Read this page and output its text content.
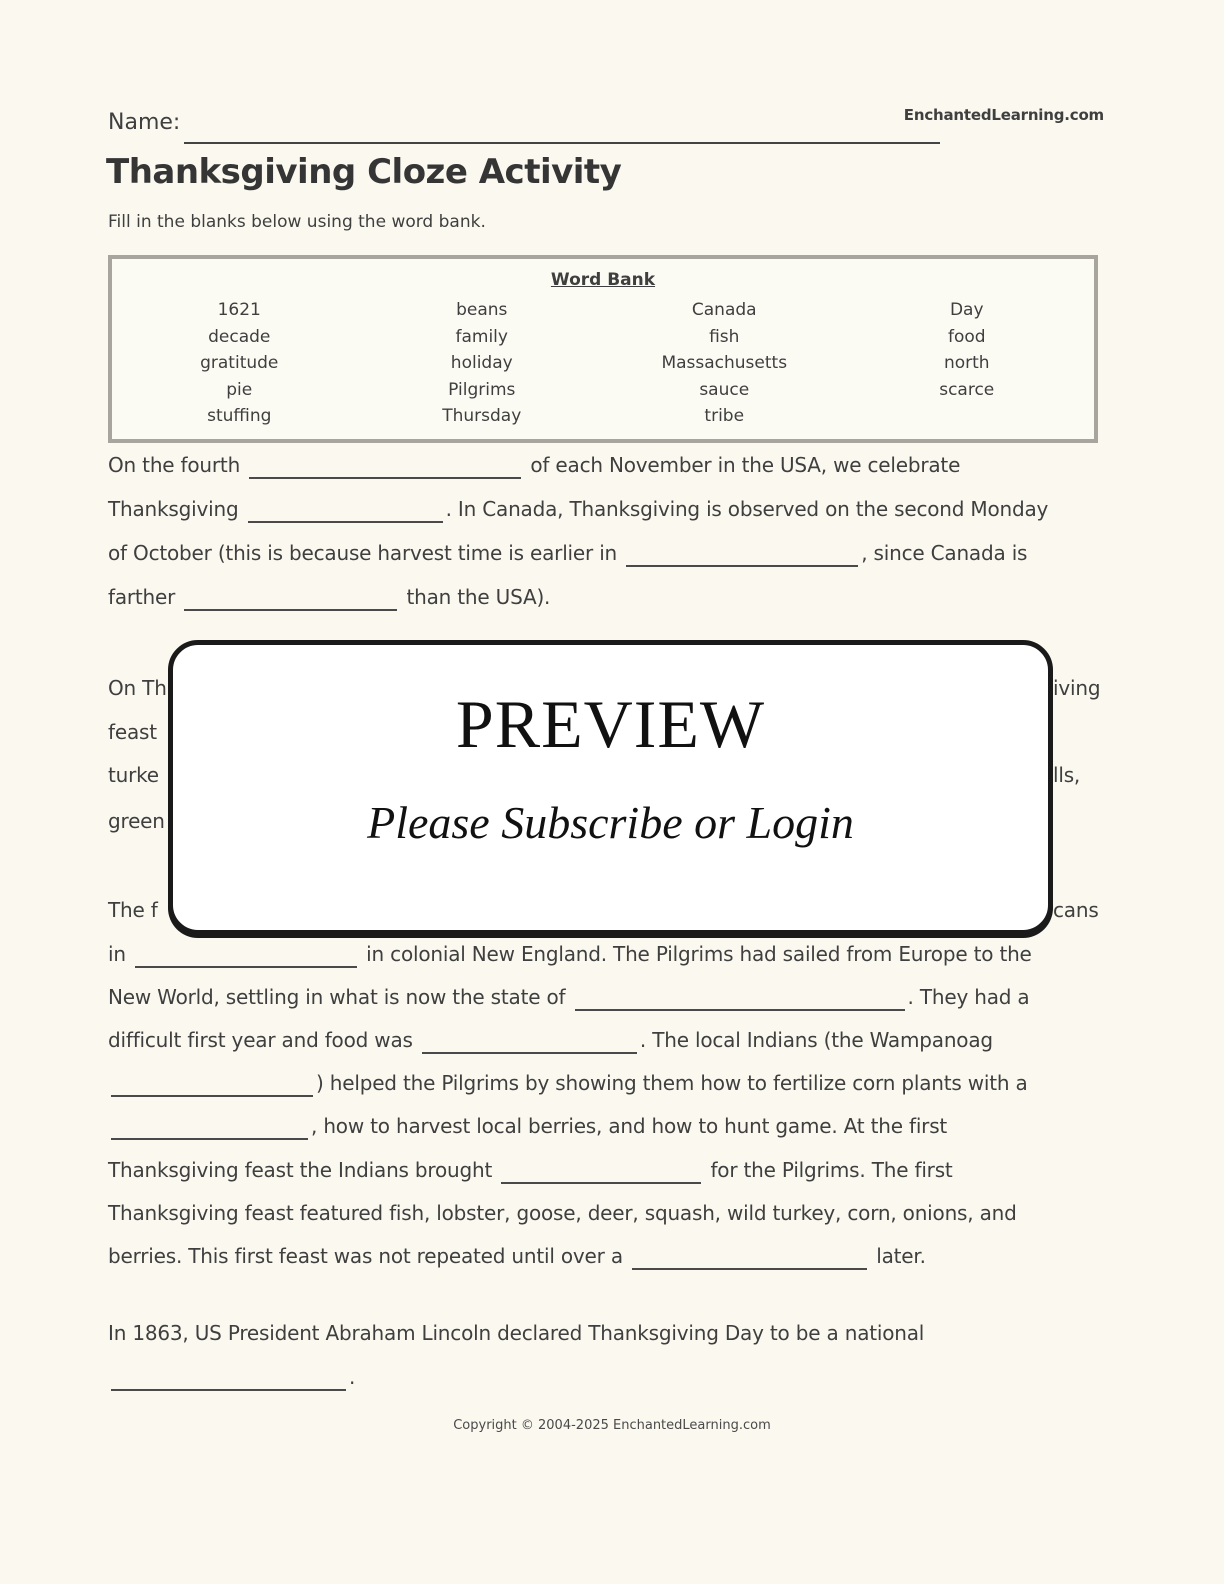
Name:	EnchantedLearning.com
Thanksgiving Cloze Activity

Fill in the blanks below using the word bank.

Word Bank
1621	beans	Canada	Day
decade	family	fish	food
gratitude	holiday	Massachusetts	north
pie	Pilgrims	sauce	scarce
stuffing	Thursday	tribe
On the fourth	of each November in the USA, we celebrate
Thanksgiving	. In Canada, Thanksgiving is observed on the second Monday
of October (this is because harvest time is earlier in	, since Canada is
farther	than the USA).
On Th
feast
turke
green
The f
in	in colonial New England. The Pilgrims had sailed from Europe to the
New World, settling in what is now the state of	. They had a
difficult first year and food was	. The local Indians (the Wampanoag
) helped the Pilgrims by showing them how to fertilize corn plants with a
, how to harvest local berries, and how to hunt game. At the first
Thanksgiving feast the Indians brought	for the Pilgrims. The first
Thanksgiving feast featured fish, lobster, goose, deer, squash, wild turkey, corn, onions, and
berries. This first feast was not repeated until over a	later.
In 1863, US President Abraham Lincoln declared Thanksgiving Day to be a national
.
iving
lls,
cans
PREVIEW
Please Subscribe or Login
Copyright © 2004-2025 EnchantedLearning.com
